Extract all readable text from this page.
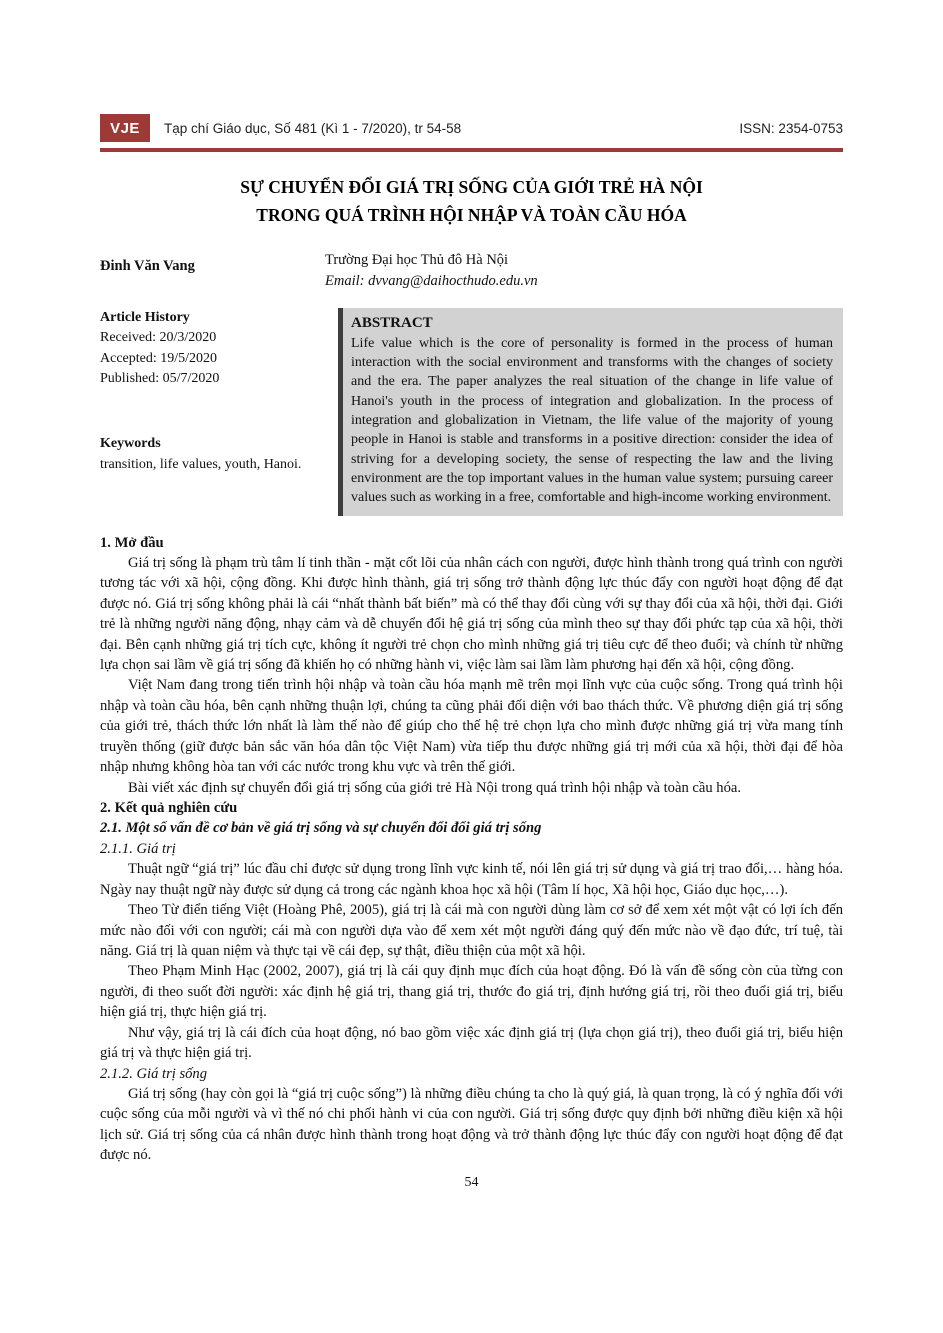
VJE	Tạp chí Giáo dục, Số 481 (Kì 1 - 7/2020), tr 54-58	ISSN: 2354-0753
SỰ CHUYỂN ĐỔI GIÁ TRỊ SỐNG CỦA GIỚI TRẺ HÀ NỘI
TRONG QUÁ TRÌNH HỘI NHẬP VÀ TOÀN CẦU HÓA
Đinh Văn Vang	Trường Đại học Thủ đô Hà Nội
Email: dvvang@daihocthudo.edu.vn
Article History
Received: 20/3/2020
Accepted: 19/5/2020
Published: 05/7/2020
Keywords
transition, life values, youth, Hanoi.
ABSTRACT
Life value which is the core of personality is formed in the process of human interaction with the social environment and transforms with the changes of society and the era. The paper analyzes the real situation of the change in life value of Hanoi's youth in the process of integration and globalization. In the process of integration and globalization in Vietnam, the life value of the majority of young people in Hanoi is stable and transforms in a positive direction: consider the idea of striving for a developing society, the sense of respecting the law and the living environment are the top important values in the human value system; pursuing career values such as working in a free, comfortable and high-income working environment.
1. Mở đầu

Giá trị sống là phạm trù tâm lí tinh thần - mặt cốt lõi của nhân cách con người, được hình thành trong quá trình con người tương tác với xã hội, cộng đồng. Khi được hình thành, giá trị sống trở thành động lực thúc đẩy con người hoạt động để đạt được nó. Giá trị sống không phải là cái “nhất thành bất biến” mà có thể thay đổi cùng với sự thay đổi của xã hội, thời đại. Giới trẻ là những người năng động, nhạy cảm và dễ chuyển đổi hệ giá trị sống của mình theo sự thay đổi phức tạp của xã hội, thời đại. Bên cạnh những giá trị tích cực, không ít người trẻ chọn cho mình những giá trị tiêu cực để theo đuổi; và chính từ những lựa chọn sai lầm về giá trị sống đã khiến họ có những hành vi, việc làm sai lầm làm phương hại đến xã hội, cộng đồng.

Việt Nam đang trong tiến trình hội nhập và toàn cầu hóa mạnh mẽ trên mọi lĩnh vực của cuộc sống. Trong quá trình hội nhập và toàn cầu hóa, bên cạnh những thuận lợi, chúng ta cũng phải đối diện với bao thách thức. Về phương diện giá trị sống của giới trẻ, thách thức lớn nhất là làm thế nào để giúp cho thế hệ trẻ chọn lựa cho mình được những giá trị vừa mang tính truyền thống (giữ được bản sắc văn hóa dân tộc Việt Nam) vừa tiếp thu được những giá trị mới của xã hội, thời đại để hòa nhập nhưng không hòa tan với các nước trong khu vực và trên thế giới.

Bài viết xác định sự chuyển đổi giá trị sống của giới trẻ Hà Nội trong quá trình hội nhập và toàn cầu hóa.

2. Kết quả nghiên cứu
2.1. Một số vấn đề cơ bản về giá trị sống và sự chuyển đổi đổi giá trị sống
2.1.1. Giá trị

Thuật ngữ “giá trị” lúc đầu chỉ được sử dụng trong lĩnh vực kinh tế, nói lên giá trị sử dụng và giá trị trao đổi,… hàng hóa. Ngày nay thuật ngữ này được sử dụng cả trong các ngành khoa học xã hội (Tâm lí học, Xã hội học, Giáo dục học,…).

Theo Từ điển tiếng Việt (Hoàng Phê, 2005), giá trị là cái mà con người dùng làm cơ sở để xem xét một vật có lợi ích đến mức nào đối với con người; cái mà con người dựa vào để xem xét một người đáng quý đến mức nào về đạo đức, trí tuệ, tài năng. Giá trị là quan niệm và thực tại về cái đẹp, sự thật, điều thiện của một xã hội.

Theo Phạm Minh Hạc (2002, 2007), giá trị là cái quy định mục đích của hoạt động. Đó là vấn đề sống còn của từng con người, đi theo suốt đời người: xác định hệ giá trị, thang giá trị, thước đo giá trị, định hướng giá trị, rồi theo đuổi giá trị, biểu hiện giá trị, thực hiện giá trị.

Như vậy, giá trị là cái đích của hoạt động, nó bao gồm việc xác định giá trị (lựa chọn giá trị), theo đuổi giá trị, biểu hiện giá trị và thực hiện giá trị.

2.1.2. Giá trị sống

Giá trị sống (hay còn gọi là “giá trị cuộc sống”) là những điều chúng ta cho là quý giá, là quan trọng, là có ý nghĩa đối với cuộc sống của mỗi người và vì thế nó chi phối hành vi của con người. Giá trị sống được quy định bởi những điều kiện xã hội lịch sử. Giá trị sống của cá nhân được hình thành trong hoạt động và trở thành động lực thúc đẩy con người hoạt động để đạt được nó.

54
